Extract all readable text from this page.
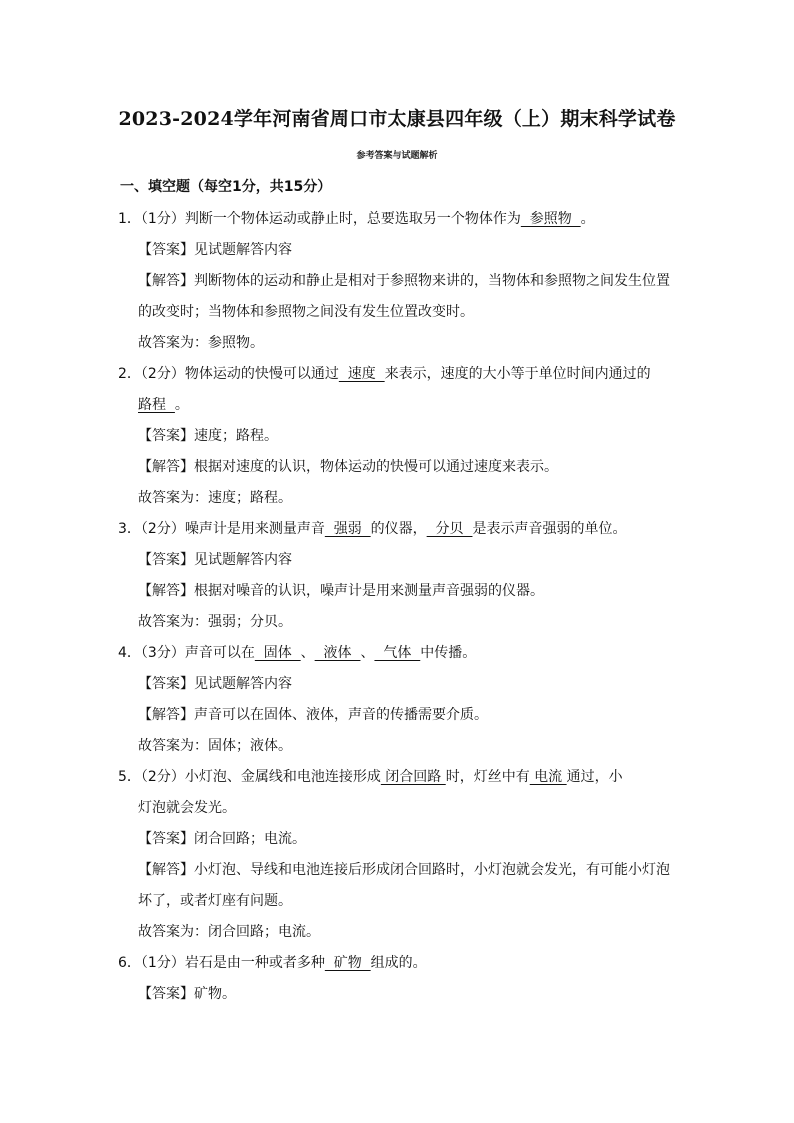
2023-2024学年河南省周口市太康县四年级（上）期末科学试卷
参考答案与试题解析
一、填空题（每空1分，共15分）
1．（1分）判断一个物体运动或静止时，总要选取另一个物体作为  参照物  。
【答案】见试题解答内容
【解答】判断物体的运动和静止是相对于参照物来讲的，当物体和参照物之间发生位置
的改变时；当物体和参照物之间没有发生位置改变时。
故答案为：参照物。
2．（2分）物体运动的快慢可以通过  速度  来表示，速度的大小等于单位时间内通过的
路程  。
【答案】速度；路程。
【解答】根据对速度的认识，物体运动的快慢可以通过速度来表示。
故答案为：速度；路程。
3．（2分）噪声计是用来测量声音  强弱  的仪器，  分贝  是表示声音强弱的单位。
【答案】见试题解答内容
【解答】根据对噪音的认识，噪声计是用来测量声音强弱的仪器。
故答案为：强弱；分贝。
4．（3分）声音可以在  固体  、  液体  、  气体  中传播。
【答案】见试题解答内容
【解答】声音可以在固体、液体，声音的传播需要介质。
故答案为：固体；液体。
5．（2分）小灯泡、金属线和电池连接形成 闭合回路 时，灯丝中有 电流 通过，小
灯泡就会发光。
【答案】闭合回路；电流。
【解答】小灯泡、导线和电池连接后形成闭合回路时，小灯泡就会发光，有可能小灯泡
坏了，或者灯座有问题。
故答案为：闭合回路；电流。
6．（1分）岩石是由一种或者多种  矿物  组成的。
【答案】矿物。
